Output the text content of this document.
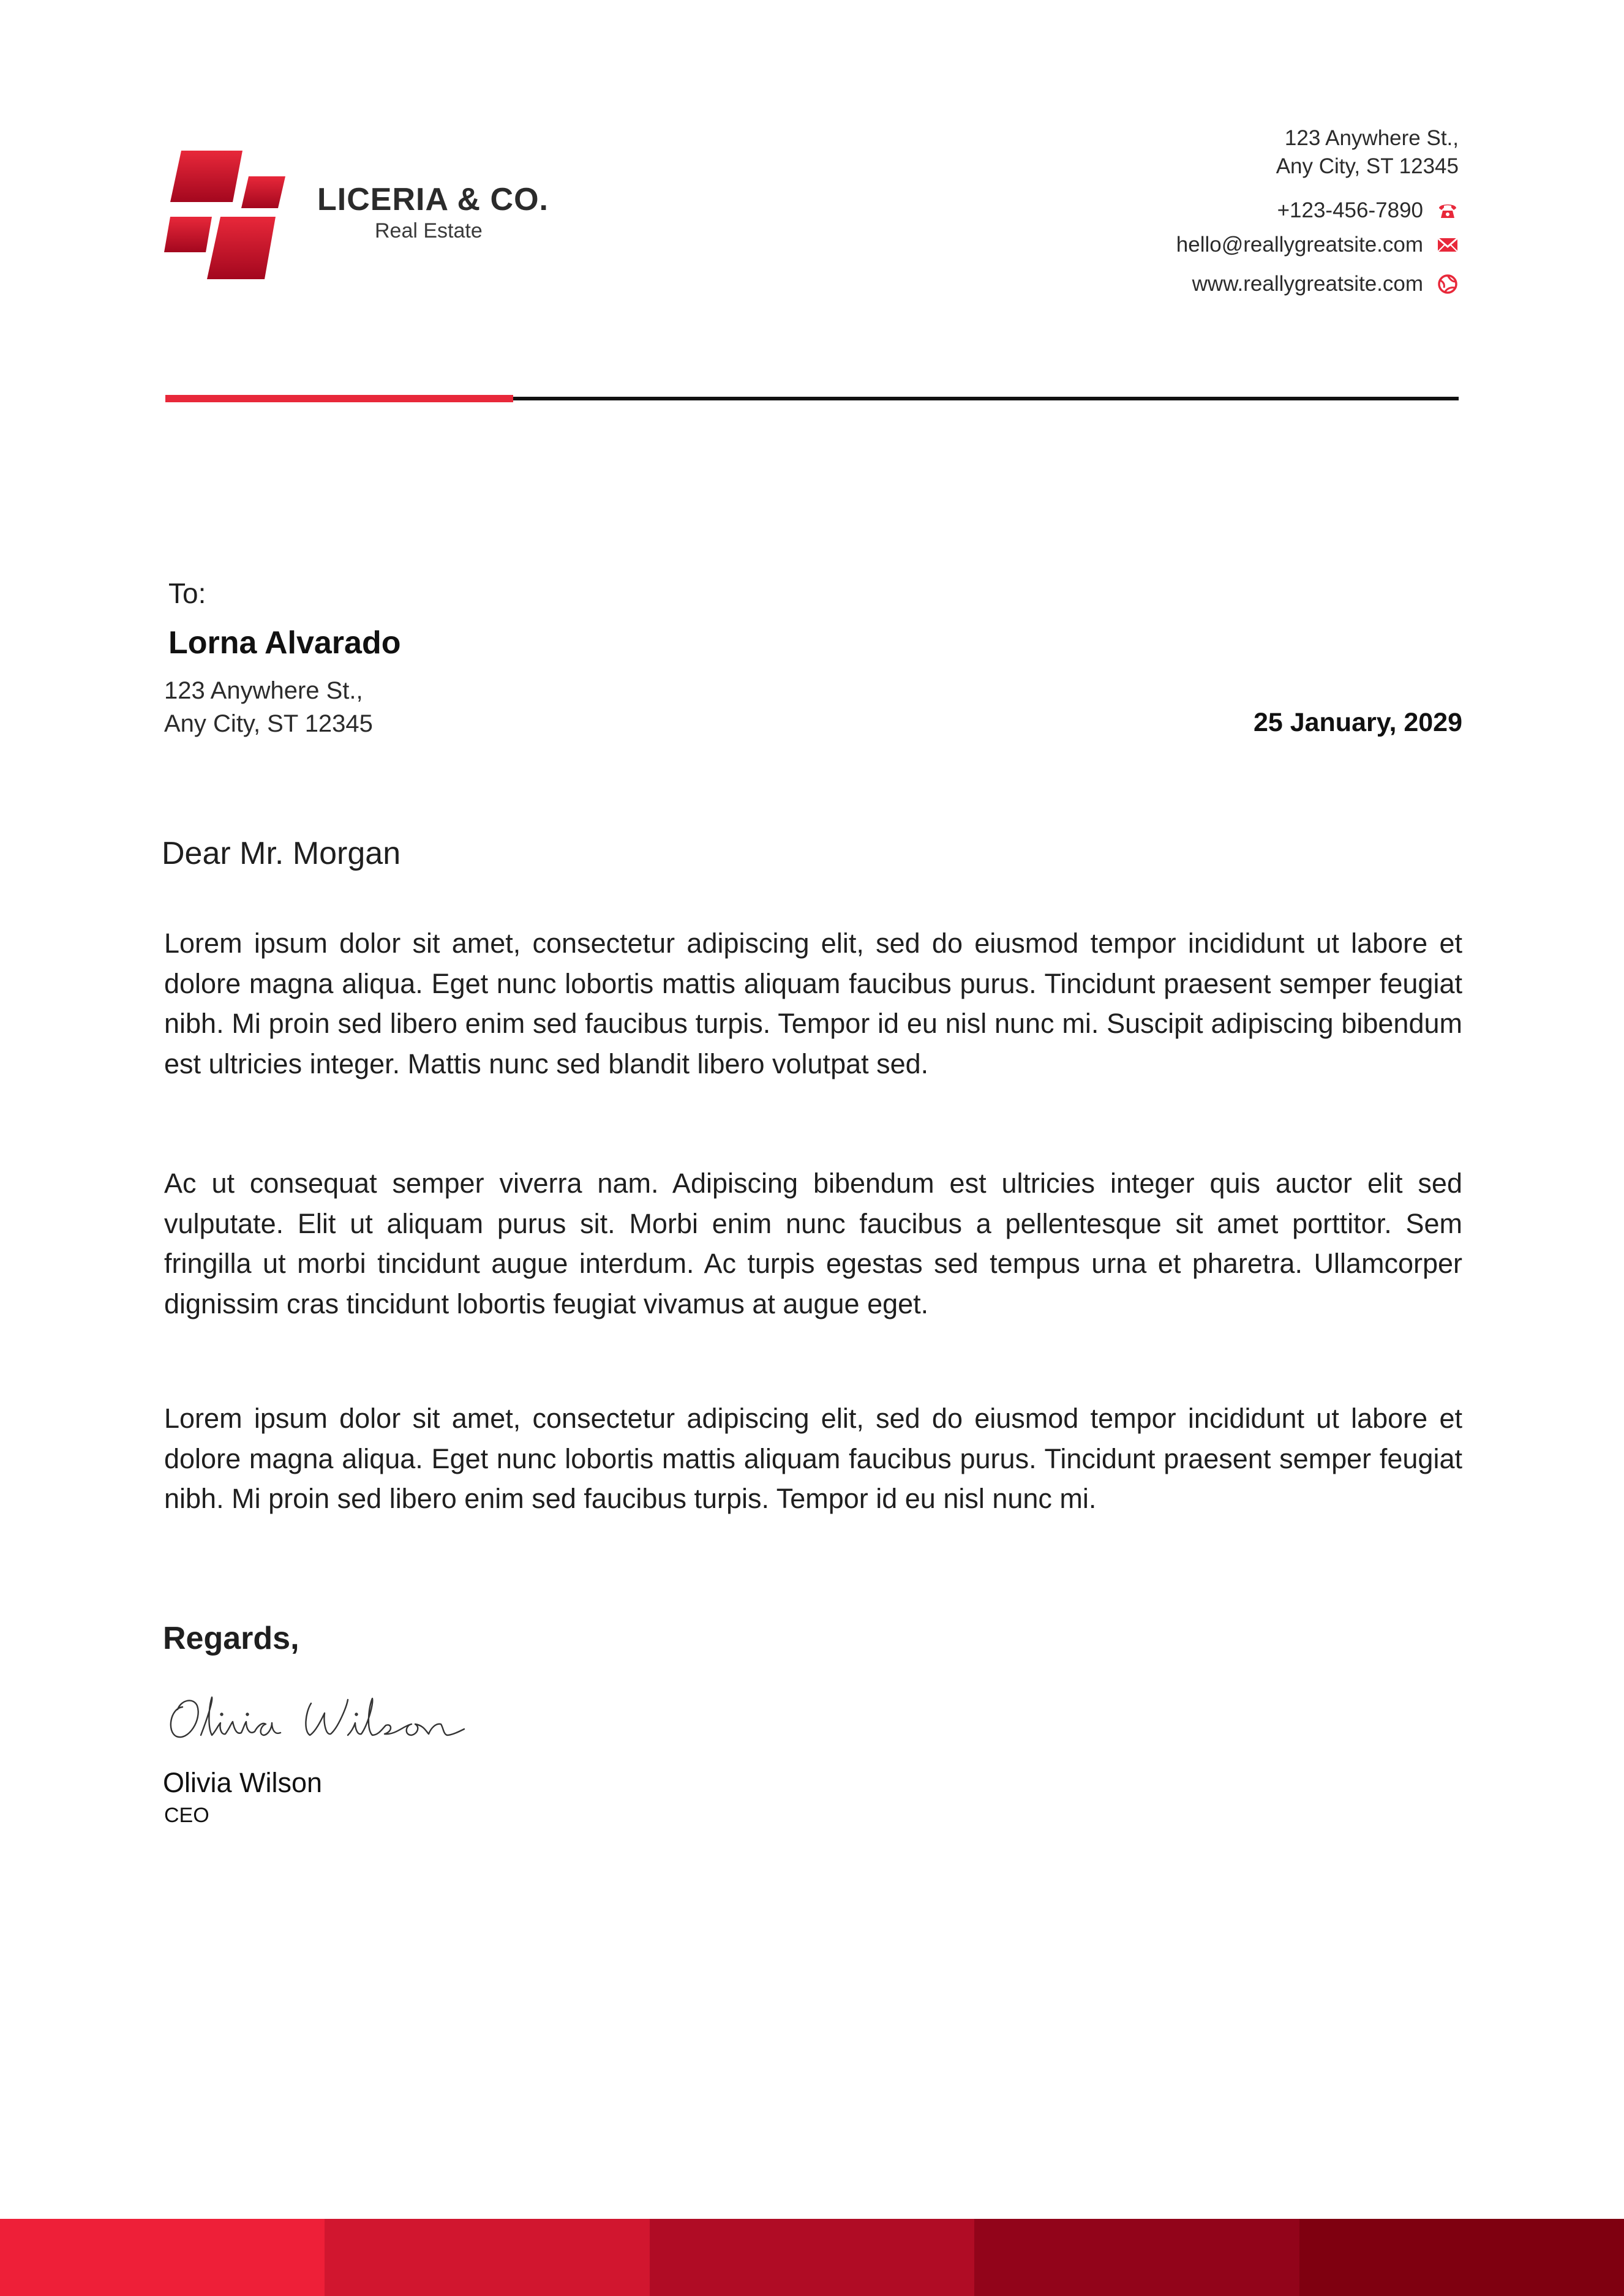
LICERIA & CO.
Real Estate
123 Anywhere St.,
Any City, ST 12345
+123-456-7890
hello@reallygreatsite.com
www.reallygreatsite.com
To:
Lorna Alvarado
123 Anywhere St.,
Any City, ST 12345	25 January, 2029
Dear Mr. Morgan

Lorem ipsum dolor sit amet, consectetur adipiscing elit, sed do eiusmod tempor incididunt ut labore et dolore magna aliqua. Eget nunc lobortis mattis aliquam faucibus purus. Tincidunt praesent semper feugiat nibh. Mi proin sed libero enim sed faucibus turpis. Tempor id eu nisl nunc mi. Suscipit adipiscing bibendum est ultricies integer. Mattis nunc sed blandit libero volutpat sed.

Ac ut consequat semper viverra nam. Adipiscing bibendum est ultricies integer quis auctor elit sed vulputate. Elit ut aliquam purus sit. Morbi enim nunc faucibus a pellentesque sit amet porttitor. Sem fringilla ut morbi tincidunt augue interdum. Ac turpis egestas sed tempus urna et pharetra. Ullamcorper dignissim cras tincidunt lobortis feugiat vivamus at augue eget.

Lorem ipsum dolor sit amet, consectetur adipiscing elit, sed do eiusmod tempor incididunt ut labore et dolore magna aliqua. Eget nunc lobortis mattis aliquam faucibus purus. Tincidunt praesent semper feugiat nibh. Mi proin sed libero enim sed faucibus turpis. Tempor id eu nisl nunc mi.

Regards,
Olivia Wilson
CEO
